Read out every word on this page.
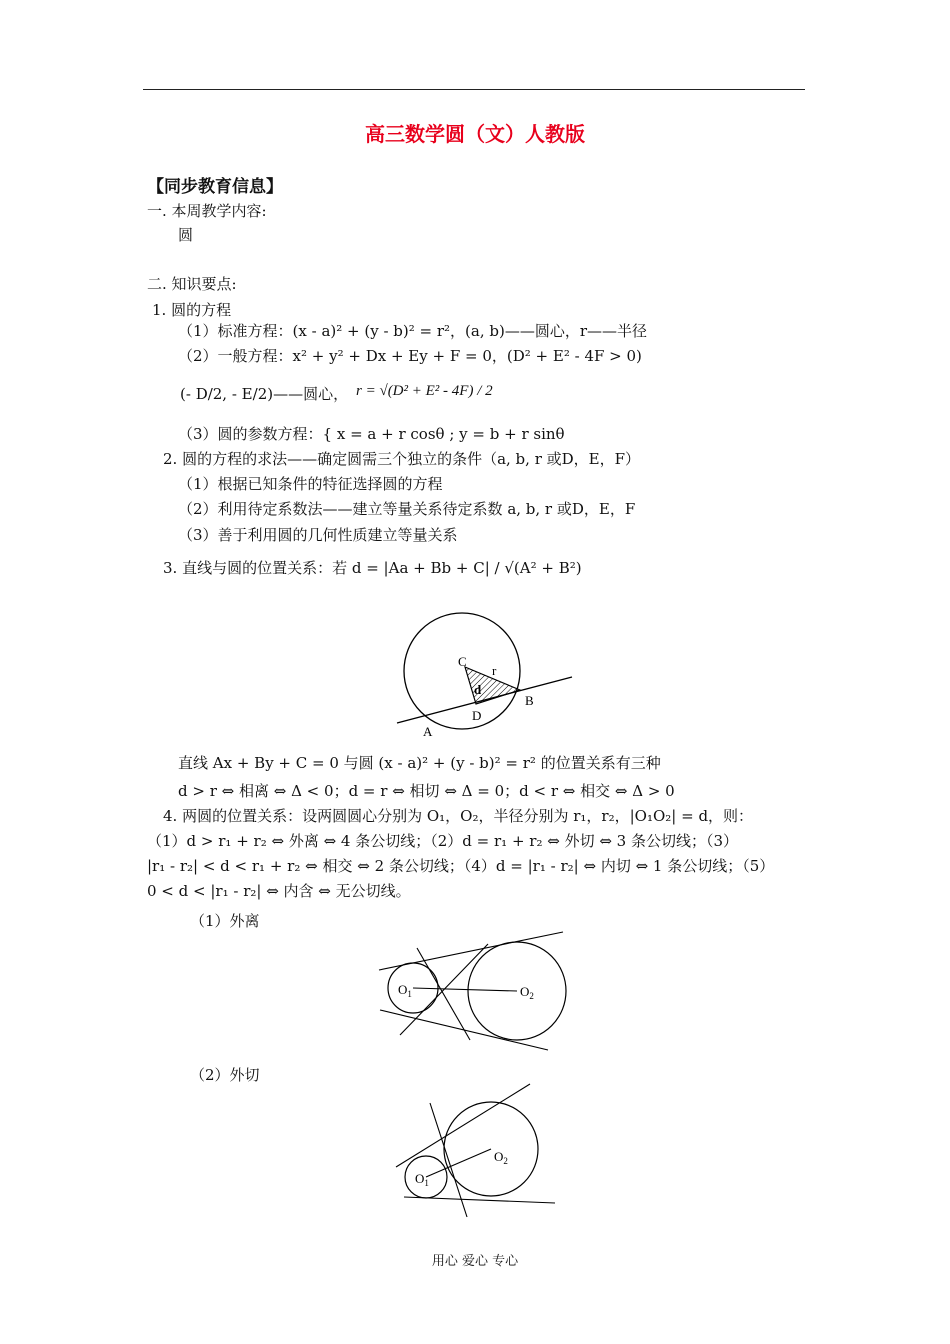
高三数学圆（文）人教版
【同步教育信息】
一. 本周教学内容:
圆
二. 知识要点:
1. 圆的方程
（1）标准方程：(x - a)² + (y - b)² = r²，(a, b)——圆心，r——半径
（2）一般方程：x² + y² + Dx + Ey + F = 0，(D² + E² - 4F > 0)
(- D/2, - E/2)——圆心， r = √(D² + E² - 4F) / 2
（3）圆的参数方程：{ x = a + r cosθ ; y = b + r sinθ
2. 圆的方程的求法——确定圆需三个独立的条件（a, b, r 或D，E，F）
（1）根据已知条件的特征选择圆的方程
（2）利用待定系数法——建立等量关系待定系数 a, b, r 或D，E，F
（3）善于利用圆的几何性质建立等量关系
3. 直线与圆的位置关系：若 d = |Aa + Bb + C| / √(A² + B²)
C
r
d
A
B
D
直线 Ax + By + C = 0 与圆 (x - a)² + (y - b)² = r² 的位置关系有三种
d > r ⇔ 相离 ⇔ Δ < 0；d = r ⇔ 相切 ⇔ Δ = 0；d < r ⇔ 相交 ⇔ Δ > 0
4. 两圆的位置关系：设两圆圆心分别为 O₁，O₂，半径分别为 r₁，r₂，|O₁O₂| = d，则：
（1）d > r₁ + r₂ ⇔ 外离 ⇔ 4 条公切线；（2）d = r₁ + r₂ ⇔ 外切 ⇔ 3 条公切线；（3）
|r₁ - r₂| < d < r₁ + r₂ ⇔ 相交 ⇔ 2 条公切线；（4）d = |r₁ - r₂| ⇔ 内切 ⇔ 1 条公切线；（5）
0 < d < |r₁ - r₂| ⇔ 内含 ⇔ 无公切线。
（1）外离
$O_1$	$O_2$
（2）外切
$O_1$
$O_2$
用心 爱心 专心
